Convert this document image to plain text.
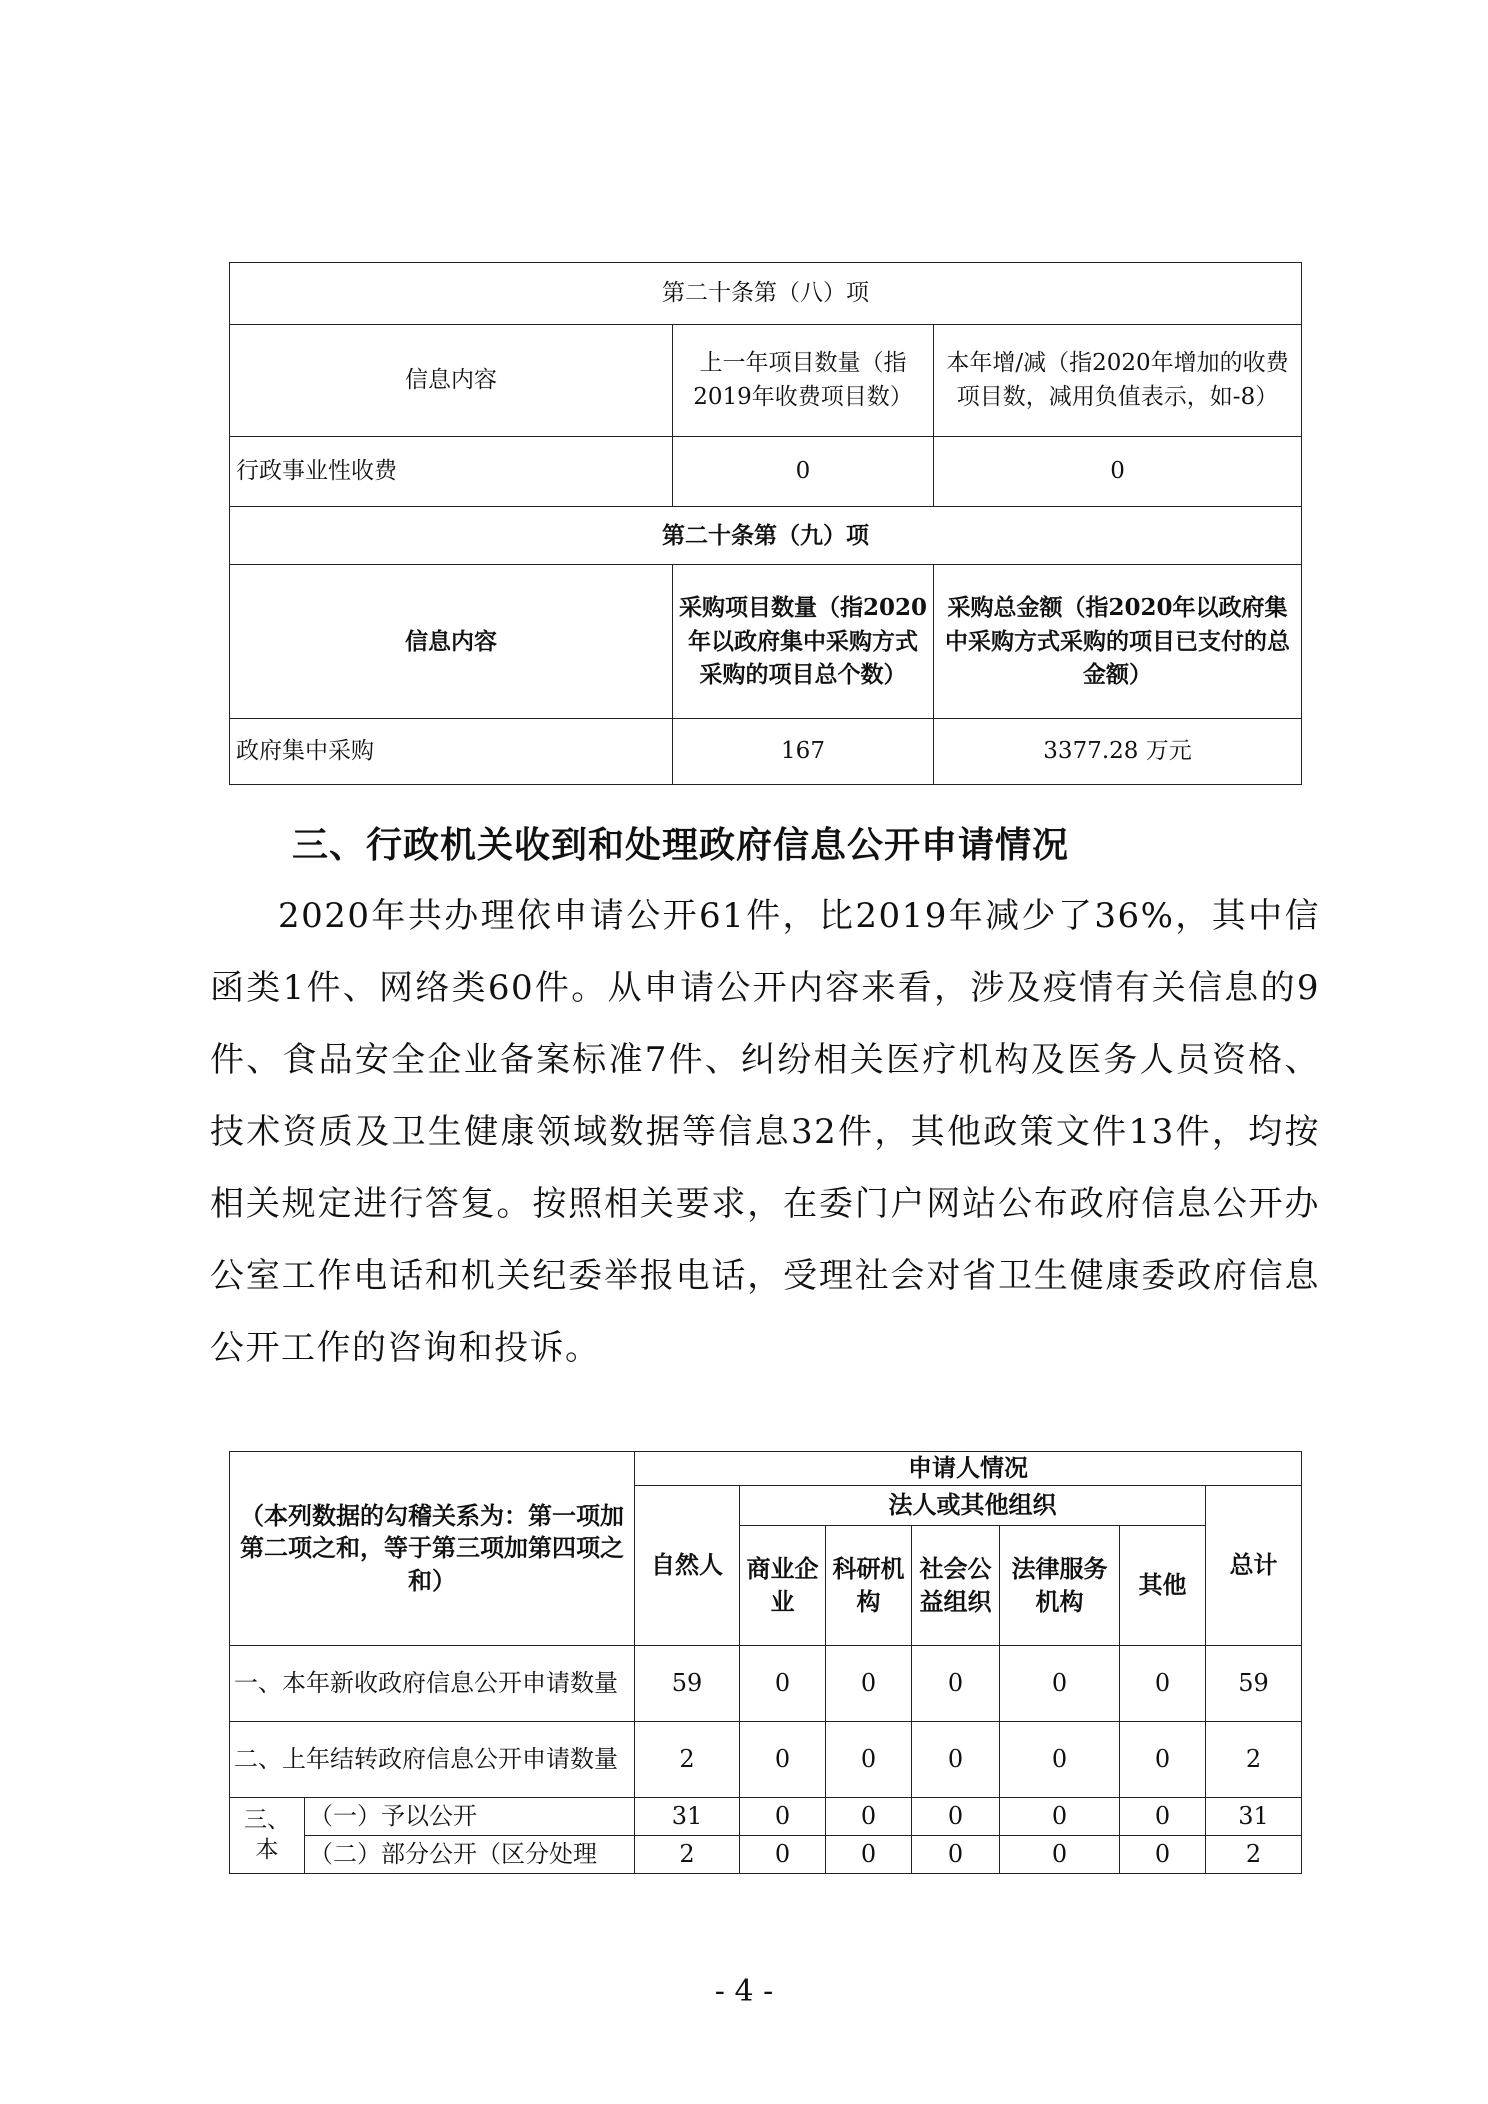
第二十条第（八）项		
信息内容	上一年项目数量（指2019年收费项目数）	本年增/减（指2020年增加的收费项目数，减用负值表示，如-8）
行政事业性收费	0	0
第二十条第（九）项		
信息内容	采购项目数量（指2020年以政府集中采购方式采购的项目总个数）	采购总金额（指2020年以政府集中采购方式采购的项目已支付的总金额）
政府集中采购	167	3377.28 万元
三、行政机关收到和处理政府信息公开申请情况

2020年共办理依申请公开61件，比2019年减少了36%，其中信函类1件、网络类60件。从申请公开内容来看，涉及疫情有关信息的9件、食品安全企业备案标准7件、纠纷相关医疗机构及医务人员资格、技术资质及卫生健康领域数据等信息32件，其他政策文件13件，均按相关规定进行答复。按照相关要求，在委门户网站公布政府信息公开办公室工作电话和机关纪委举报电话，受理社会对省卫生健康委政府信息公开工作的咨询和投诉。

（本列数据的勾稽关系为：第一项加第二项之和，等于第三项加第四项之和）		申请人情况						
		自然人	法人或其他组织					总计
			商业企业	科研机构	社会公益组织	法律服务机构	其他	
一、本年新收政府信息公开申请数量		59	0	0	0	0	0	59
二、上年结转政府信息公开申请数量		2	0	0	0	0	0	2
三、本	（一）予以公开	31	0	0	0	0	0	31
	（二）部分公开（区分处理	2	0	0	0	0	0	2
- 4 -
